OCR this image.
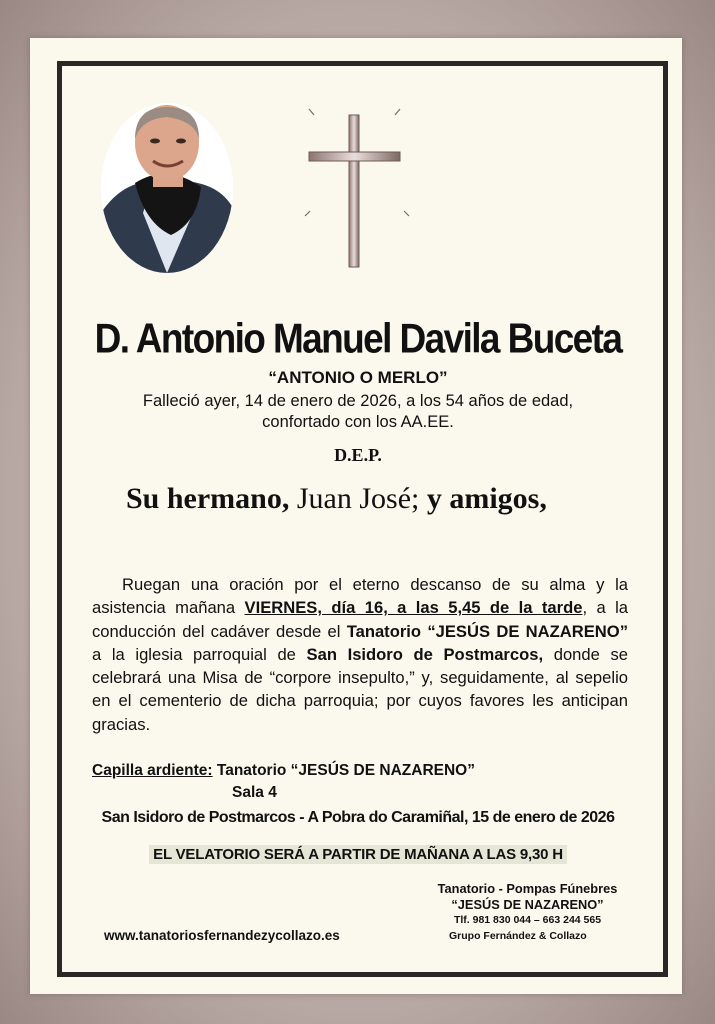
D. Antonio Manuel Davila Buceta
“ANTONIO O MERLO”
Falleció ayer, 14 de enero de 2026, a los 54 años de edad,
confortado con los AA.EE.
D.E.P.
Su hermano, Juan José; y amigos,
Ruegan una oración por el eterno descanso de su alma y la asistencia mañana VIERNES, día 16, a las 5,45 de la tarde, a la conducción del cadáver desde el Tanatorio “JESÚS DE NAZARENO” a la iglesia parroquial de San Isidoro de Postmarcos, donde se celebrará una Misa de “corpore insepulto,” y, seguidamente, al sepelio en el cementerio de dicha parroquia; por cuyos favores les anticipan gracias.
Capilla ardiente: Tanatorio “JESÚS DE NAZARENO”
Sala 4
San Isidoro de Postmarcos - A Pobra do Caramiñal, 15 de enero de 2026
EL VELATORIO SERÁ A PARTIR DE MAÑANA A LAS 9,30 H
www.tanatoriosfernandezycollazo.es
Tanatorio - Pompas Fúnebres
“JESÚS DE NAZARENO”
Tlf. 981 830 044 – 663 244 565
Grupo Fernández & Collazo
